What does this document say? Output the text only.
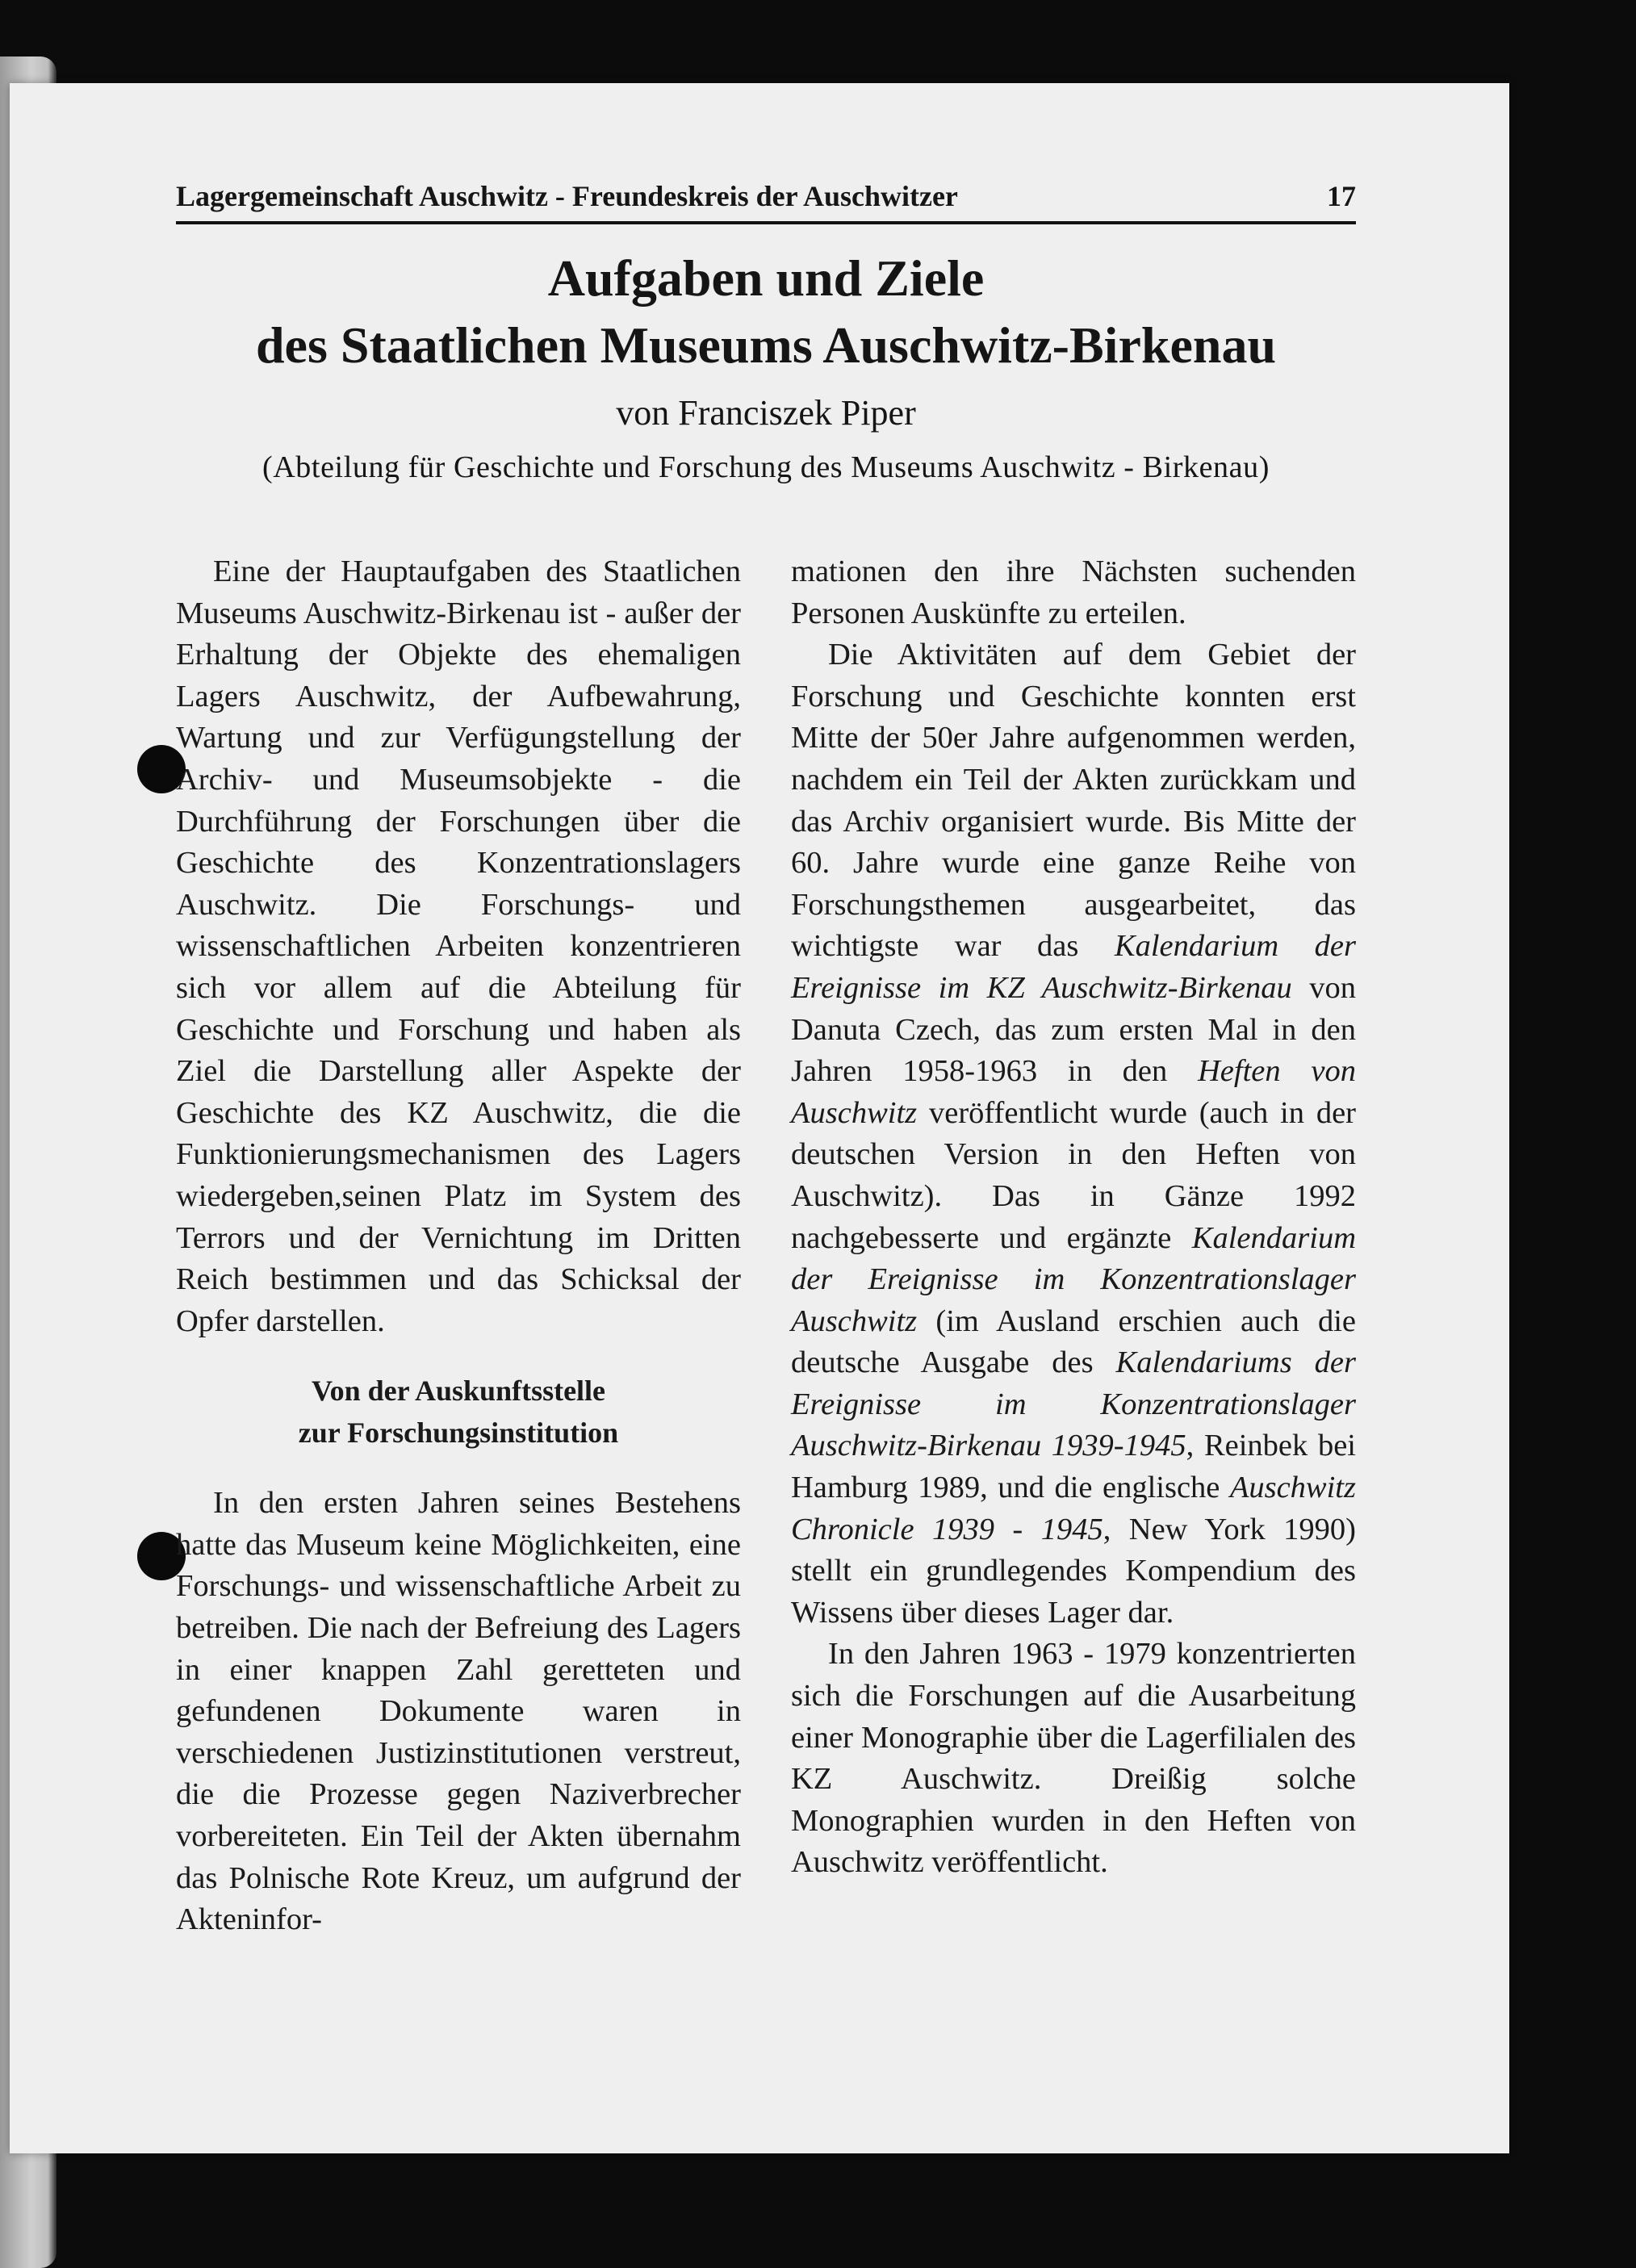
Lagergemeinschaft Auschwitz - Freundeskreis der Auschwitzer	17

Aufgaben und Ziele

des Staatlichen Museums Auschwitz-Birkenau

von Franciszek Piper

(Abteilung für Geschichte und Forschung des Museums Auschwitz - Birkenau)

Eine der Hauptaufgaben des Staatlichen Museums Auschwitz-Birkenau ist - außer der Erhaltung der Objekte des ehemaligen Lagers Auschwitz, der Aufbewahrung, Wartung und zur Verfügungstellung der Archiv- und Museumsobjekte - die Durchführung der Forschungen über die Geschichte des Konzentrationslagers Auschwitz. Die Forschungs- und wissenschaftlichen Arbeiten konzentrieren sich vor allem auf die Abteilung für Geschichte und Forschung und haben als Ziel die Darstellung aller Aspekte der Geschichte des KZ Auschwitz, die die Funktionierungsmechanismen des Lagers wiedergeben,seinen Platz im System des Terrors und der Vernichtung im Dritten Reich bestimmen und das Schicksal der Opfer darstellen.

Von der Auskunftsstelle
zur Forschungsinstitution

In den ersten Jahren seines Bestehens hatte das Museum keine Möglichkeiten, eine Forschungs- und wissenschaftliche Arbeit zu betreiben. Die nach der Befreiung des Lagers in einer knappen Zahl geretteten und gefundenen Dokumente waren in verschiedenen Justizinstitutionen verstreut, die die Prozesse gegen Naziverbrecher vorbereiteten. Ein Teil der Akten übernahm das Polnische Rote Kreuz, um aufgrund der Akteninfor-

mationen den ihre Nächsten suchenden Personen Auskünfte zu erteilen.

Die Aktivitäten auf dem Gebiet der Forschung und Geschichte konnten erst Mitte der 50er Jahre aufgenommen werden, nachdem ein Teil der Akten zurückkam und das Archiv organisiert wurde. Bis Mitte der 60. Jahre wurde eine ganze Reihe von Forschungsthemen ausgearbeitet, das wichtigste war das Kalendarium der Ereignisse im KZ Auschwitz-Birkenau von Danuta Czech, das zum ersten Mal in den Jahren 1958-1963 in den Heften von Auschwitz veröffentlicht wurde (auch in der deutschen Version in den Heften von Auschwitz). Das in Gänze 1992 nachgebesserte und ergänzte Kalendarium der Ereignisse im Konzentrationslager Auschwitz (im Ausland erschien auch die deutsche Ausgabe des Kalendariums der Ereignisse im Konzentrationslager Auschwitz-Birkenau 1939-1945, Reinbek bei Hamburg 1989, und die englische Auschwitz Chronicle 1939 - 1945, New York 1990) stellt ein grundlegendes Kompendium des Wissens über dieses Lager dar.

In den Jahren 1963 - 1979 konzentrierten sich die Forschungen auf die Ausarbeitung einer Monographie über die Lagerfilialen des KZ Auschwitz. Dreißig solche Monographien wurden in den Heften von Auschwitz veröffentlicht.
